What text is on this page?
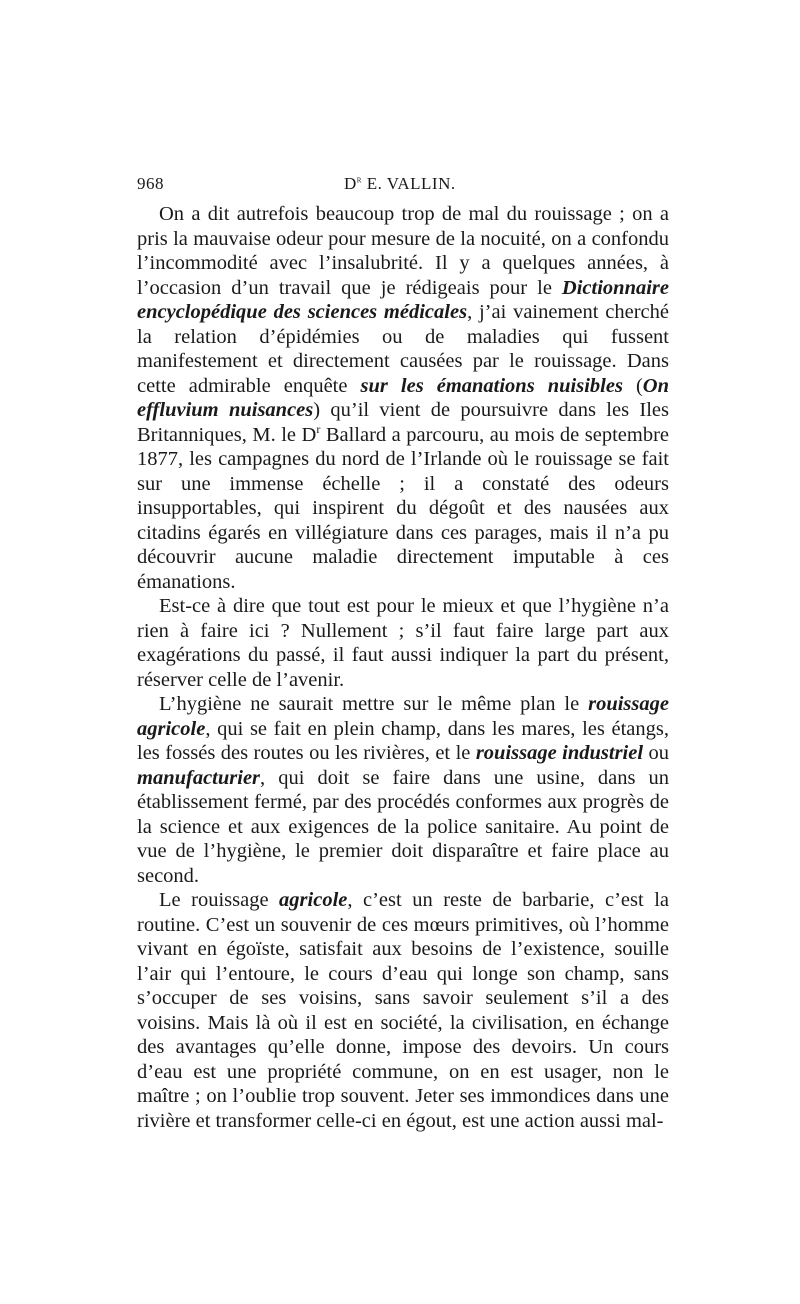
968	$D^r$ E. VALLIN.

On a dit autrefois beaucoup trop de mal du rouissage ; on a pris la mauvaise odeur pour mesure de la nocuité, on a confondu l’incommodité avec l’insalubrité. Il y a quelques années, à l’occasion d’un travail que je rédigeais pour le Dictionnaire encyclopédique des sciences médicales, j’ai vainement cherché la relation d’épidémies ou de maladies qui fussent manifestement et directement causées par le rouissage. Dans cette admirable enquête sur les émanations nuisibles (On effluvium nuisances) qu’il vient de poursuivre dans les Iles Britanniques, M. le $D^r$ Ballard a parcouru, au mois de septembre 1877, les campagnes du nord de l’Irlande où le rouissage se fait sur une immense échelle ; il a constaté des odeurs insupportables, qui inspirent du dégoût et des nausées aux citadins égarés en villégiature dans ces parages, mais il n’a pu découvrir aucune maladie directement imputable à ces émanations.

Est-ce à dire que tout est pour le mieux et que l’hygiène n’a rien à faire ici ? Nullement ; s’il faut faire large part aux exagérations du passé, il faut aussi indiquer la part du présent, réserver celle de l’avenir.

L’hygiène ne saurait mettre sur le même plan le rouissage agricole, qui se fait en plein champ, dans les mares, les étangs, les fossés des routes ou les rivières, et le rouissage industriel ou manufacturier, qui doit se faire dans une usine, dans un établissement fermé, par des procédés conformes aux progrès de la science et aux exigences de la police sanitaire. Au point de vue de l’hygiène, le premier doit disparaître et faire place au second.

Le rouissage agricole, c’est un reste de barbarie, c’est la routine. C’est un souvenir de ces mœurs primitives, où l’homme vivant en égoïste, satisfait aux besoins de l’existence, souille l’air qui l’entoure, le cours d’eau qui longe son champ, sans s’occuper de ses voisins, sans savoir seulement s’il a des voisins. Mais là où il est en société, la civilisation, en échange des avantages qu’elle donne, impose des devoirs. Un cours d’eau est une propriété commune, on en est usager, non le maître ; on l’oublie trop souvent. Jeter ses immondices dans une rivière et transformer celle-ci en égout, est une action aussi mal-
